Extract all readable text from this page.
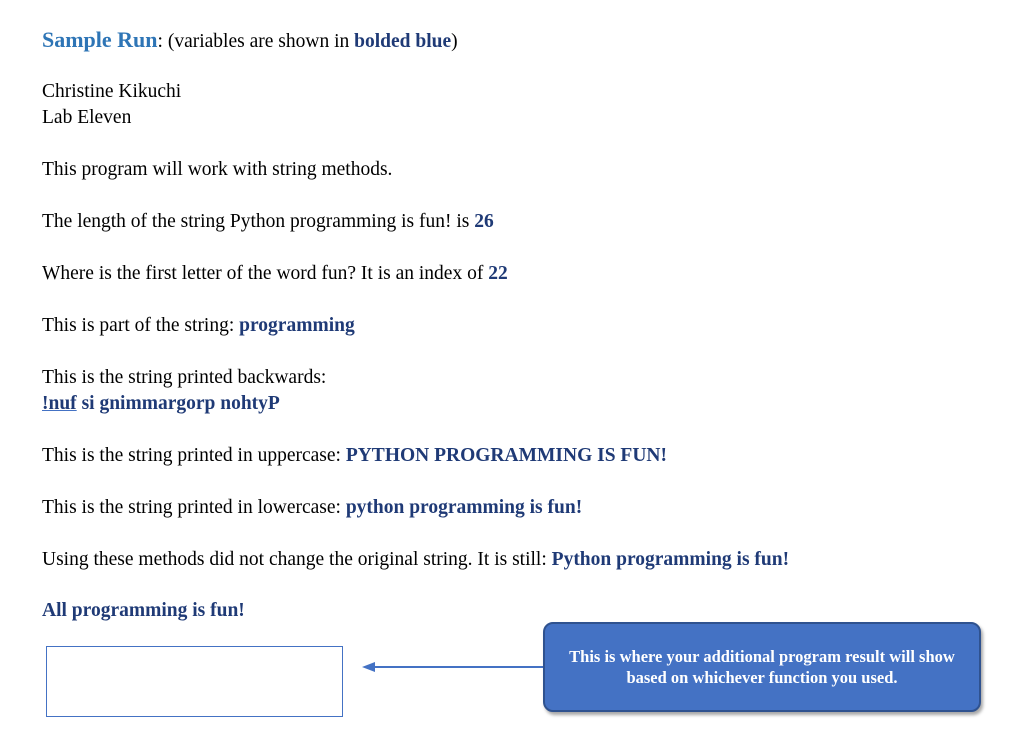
Sample Run: (variables are shown in bolded blue)
Christine Kikuchi
Lab Eleven
This program will work with string methods.
The length of the string Python programming is fun! is 26
Where is the first letter of the word fun? It is an index of 22
This is part of the string: programming
This is the string printed backwards:
!nuf si gnimmargorp nohtyP
This is the string printed in uppercase: PYTHON PROGRAMMING IS FUN!
This is the string printed in lowercase: python programming is fun!
Using these methods did not change the original string. It is still: Python programming is fun!
All programming is fun!
This is where your additional program result will show based on whichever function you used.
